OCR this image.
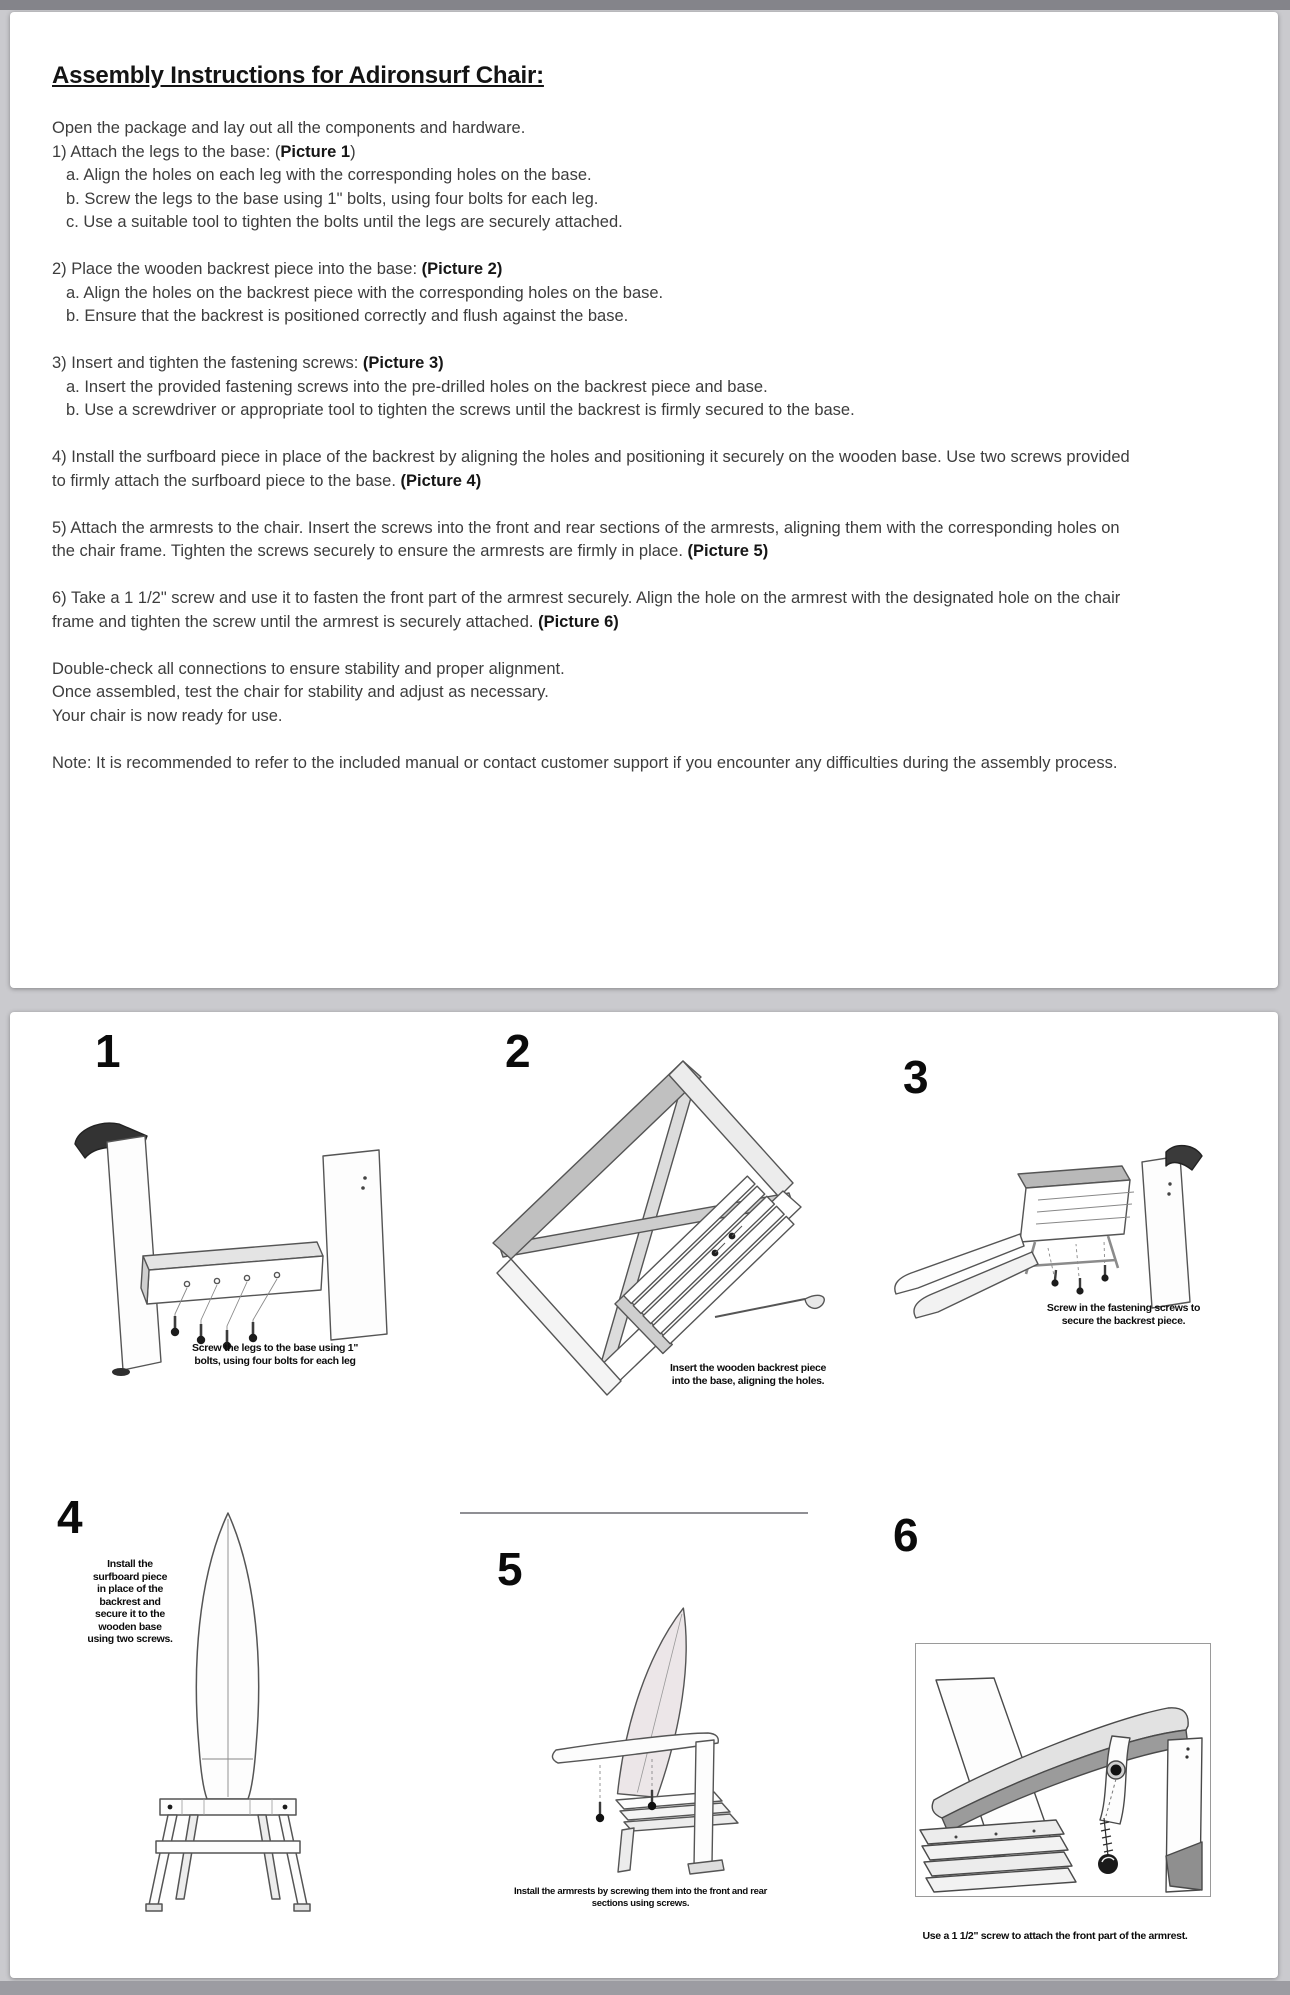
Assembly Instructions for Adironsurf Chair:
Open the package and lay out all the components and hardware.
1) Attach the legs to the base: (Picture 1)
a. Align the holes on each leg with the corresponding holes on the base.
b. Screw the legs to the base using 1" bolts, using four bolts for each leg.
c. Use a suitable tool to tighten the bolts until the legs are securely attached.
2) Place the wooden backrest piece into the base: (Picture 2)
a. Align the holes on the backrest piece with the corresponding holes on the base.
b. Ensure that the backrest is positioned correctly and flush against the base.
3) Insert and tighten the fastening screws: (Picture 3)
a. Insert the provided fastening screws into the pre-drilled holes on the backrest piece and base.
b. Use a screwdriver or appropriate tool to tighten the screws until the backrest is firmly secured to the base.
4) Install the surfboard piece in place of the backrest by aligning the holes and positioning it securely on the wooden base. Use two screws provided
to firmly attach the surfboard piece to the base. (Picture 4)
5) Attach the armrests to the chair. Insert the screws into the front and rear sections of the armrests, aligning them with the corresponding holes on
the chair frame. Tighten the screws securely to ensure the armrests are firmly in place. (Picture 5)
6) Take a 1 1/2" screw and use it to fasten the front part of the armrest securely. Align the hole on the armrest with the designated hole on the chair
frame and tighten the screw until the armrest is securely attached. (Picture 6)
Double-check all connections to ensure stability and proper alignment.
Once assembled, test the chair for stability and adjust as necessary.
Your chair is now ready for use.
Note: It is recommended to refer to the included manual or contact customer support if you encounter any difficulties during the assembly process.
1
Screw the legs to the base using 1"
bolts, using four bolts for each leg
2
Insert the wooden backrest piece
into the base, aligning the holes.
3
Screw in the fastening screws to
secure the backrest piece.
4
Install the
surfboard piece
in place of the
backrest and
secure it to the
wooden base
using two screws.
5
Install the armrests by screwing them into the front and rear
sections using screws.
6
Use a 1 1/2" screw to attach the front part of the armrest.
